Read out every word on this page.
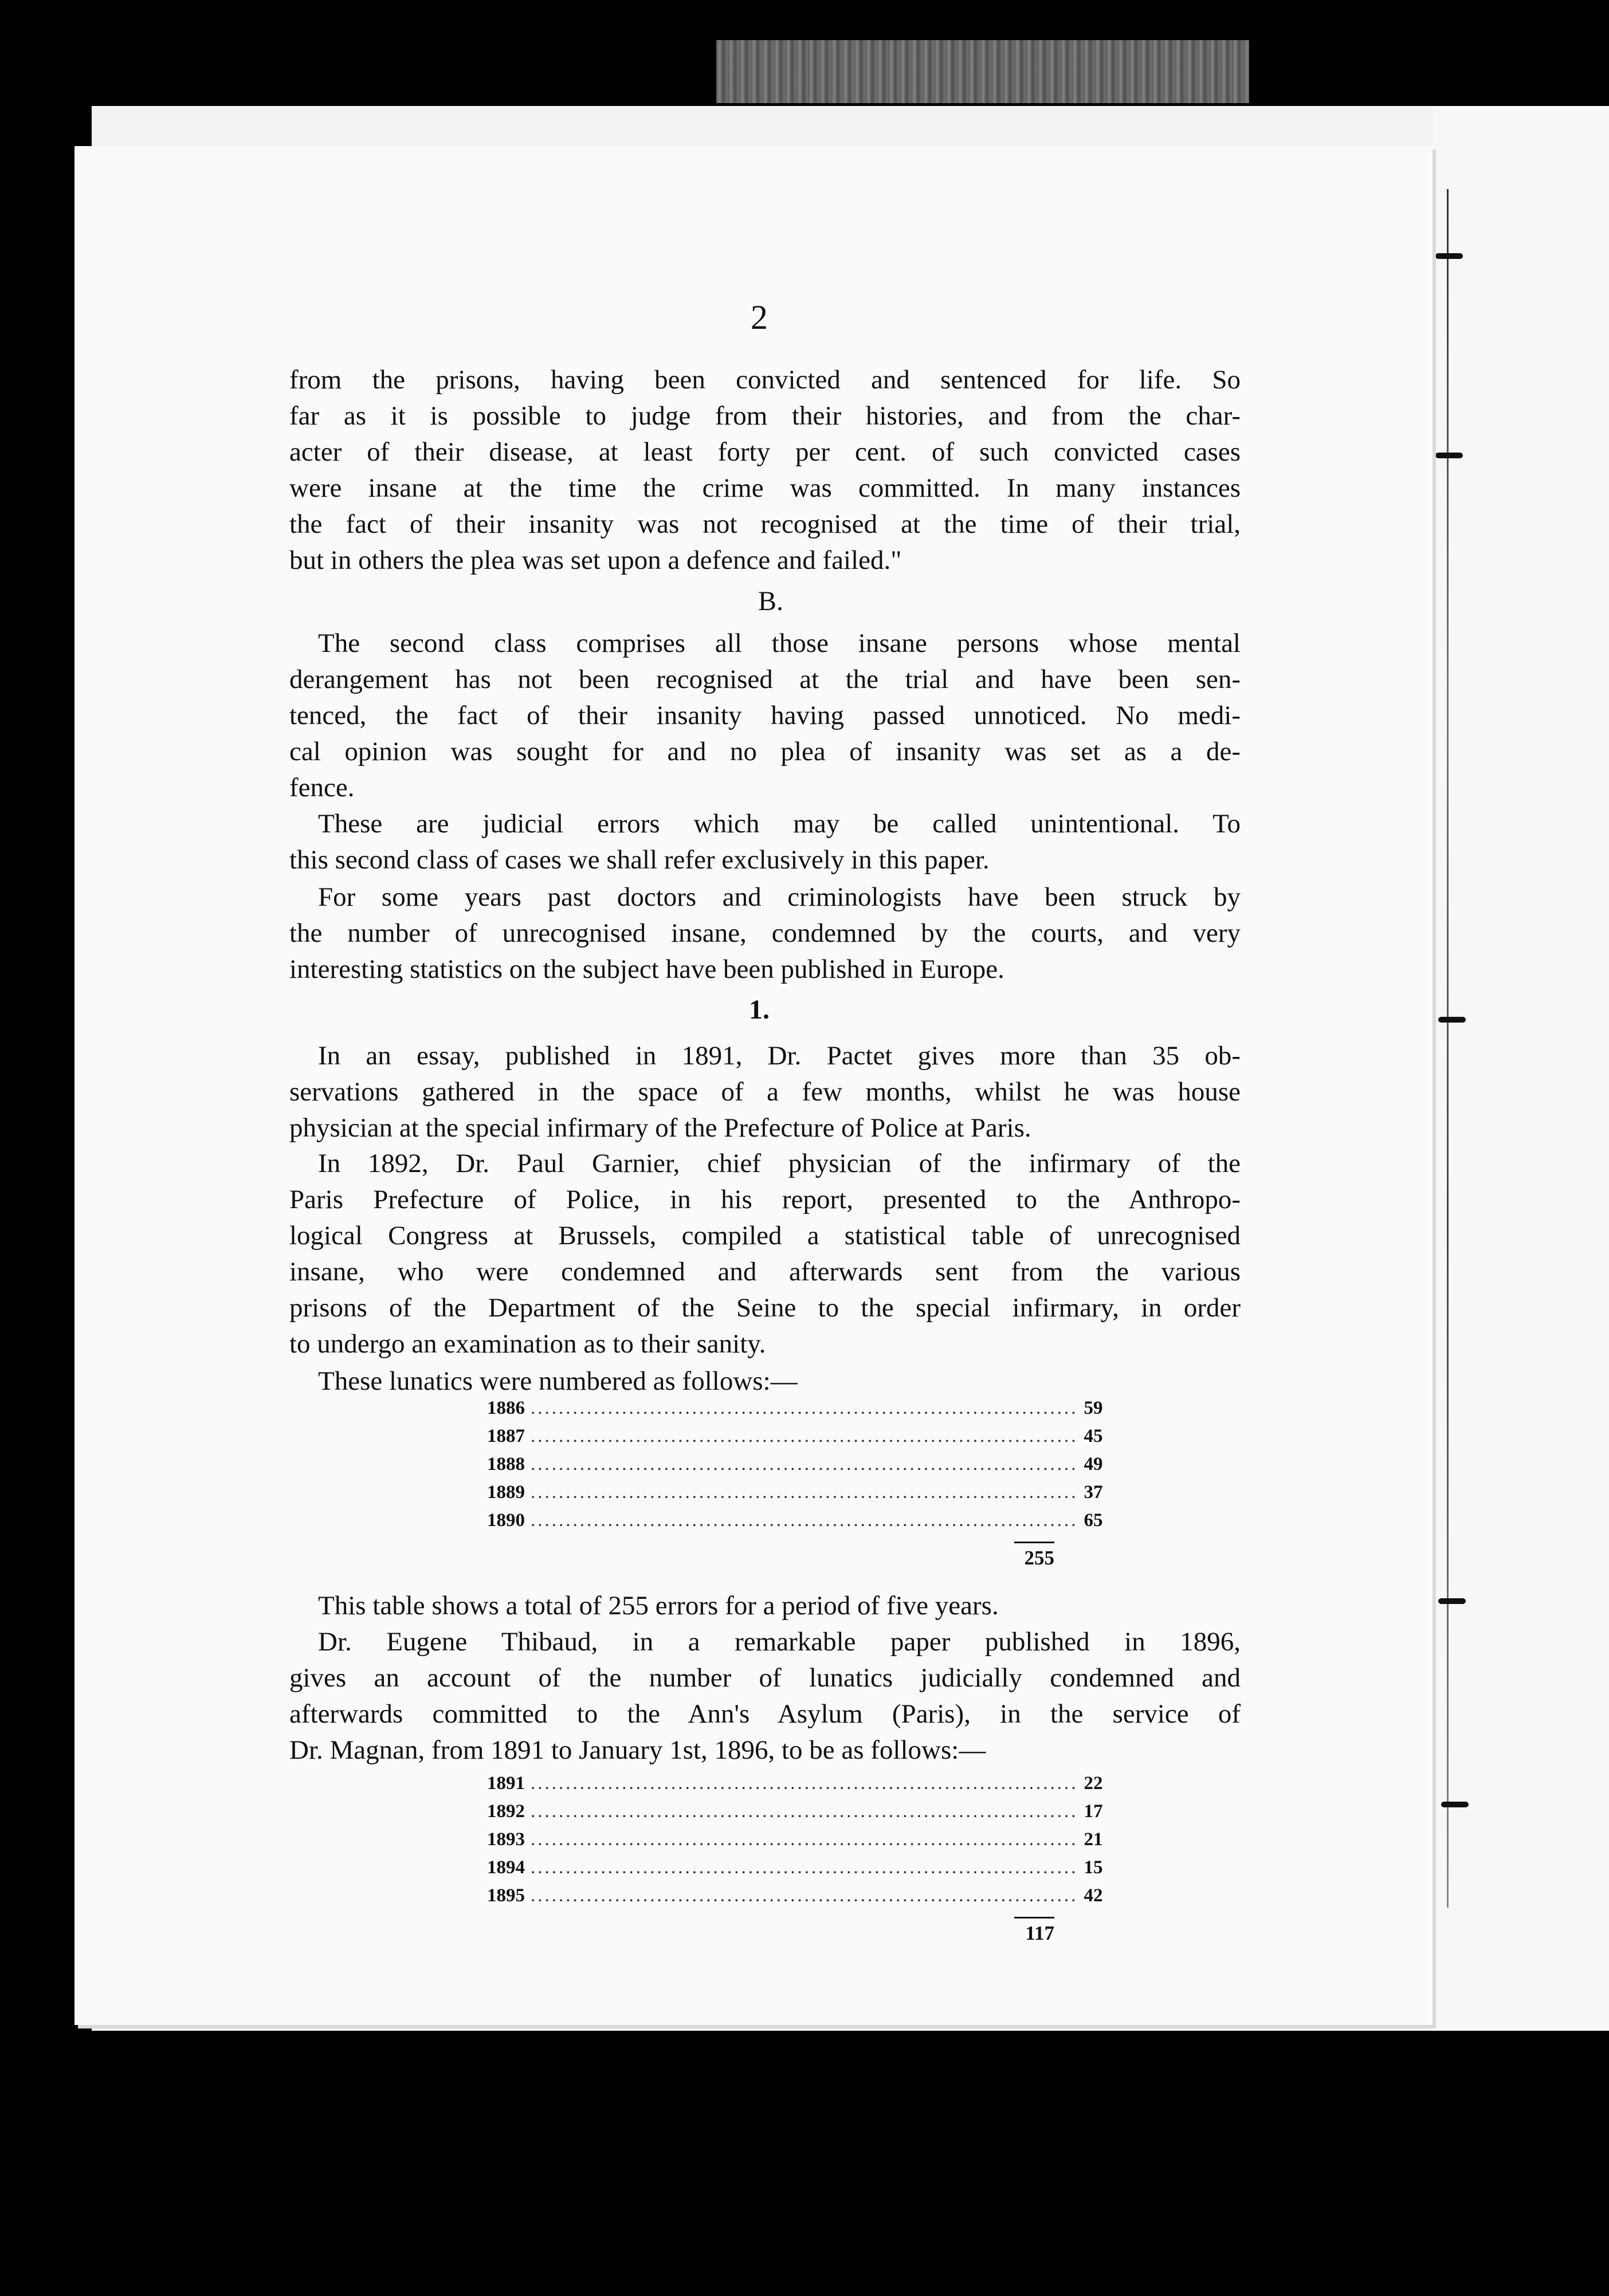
2
from the prisons, having been convicted and sentenced for life. So
far as it is possible to judge from their histories, and from the char-
acter of their disease, at least forty per cent. of such convicted cases
were insane at the time the crime was committed. In many instances
the fact of their insanity was not recognised at the time of their trial,
but in others the plea was set upon a defence and failed."
B.
The second class comprises all those insane persons whose mental
derangement has not been recognised at the trial and have been sen-
tenced, the fact of their insanity having passed unnoticed. No medi-
cal opinion was sought for and no plea of insanity was set as a de-
fence.
These are judicial errors which may be called unintentional. To
this second class of cases we shall refer exclusively in this paper.
For some years past doctors and criminologists have been struck by
the number of unrecognised insane, condemned by the courts, and very
interesting statistics on the subject have been published in Europe.
1.
In an essay, published in 1891, Dr. Pactet gives more than 35 ob-
servations gathered in the space of a few months, whilst he was house
physician at the special infirmary of the Prefecture of Police at Paris.
In 1892, Dr. Paul Garnier, chief physician of the infirmary of the
Paris Prefecture of Police, in his report, presented to the Anthropo-
logical Congress at Brussels, compiled a statistical table of unrecognised
insane, who were condemned and afterwards sent from the various
prisons of the Department of the Seine to the special infirmary, in order
to undergo an examination as to their sanity.
These lunatics were numbered as follows:—
1886 .............................................................................. 59
1887 .............................................................................. 45
1888 .............................................................................. 49
1889 .............................................................................. 37
1890 .............................................................................. 65
255
This table shows a total of 255 errors for a period of five years.
Dr. Eugene Thibaud, in a remarkable paper published in 1896,
gives an account of the number of lunatics judicially condemned and
afterwards committed to the Ann's Asylum (Paris), in the service of
Dr. Magnan, from 1891 to January 1st, 1896, to be as follows:—
1891 .............................................................................. 22
1892 .............................................................................. 17
1893 .............................................................................. 21
1894 .............................................................................. 15
1895 .............................................................................. 42
117
